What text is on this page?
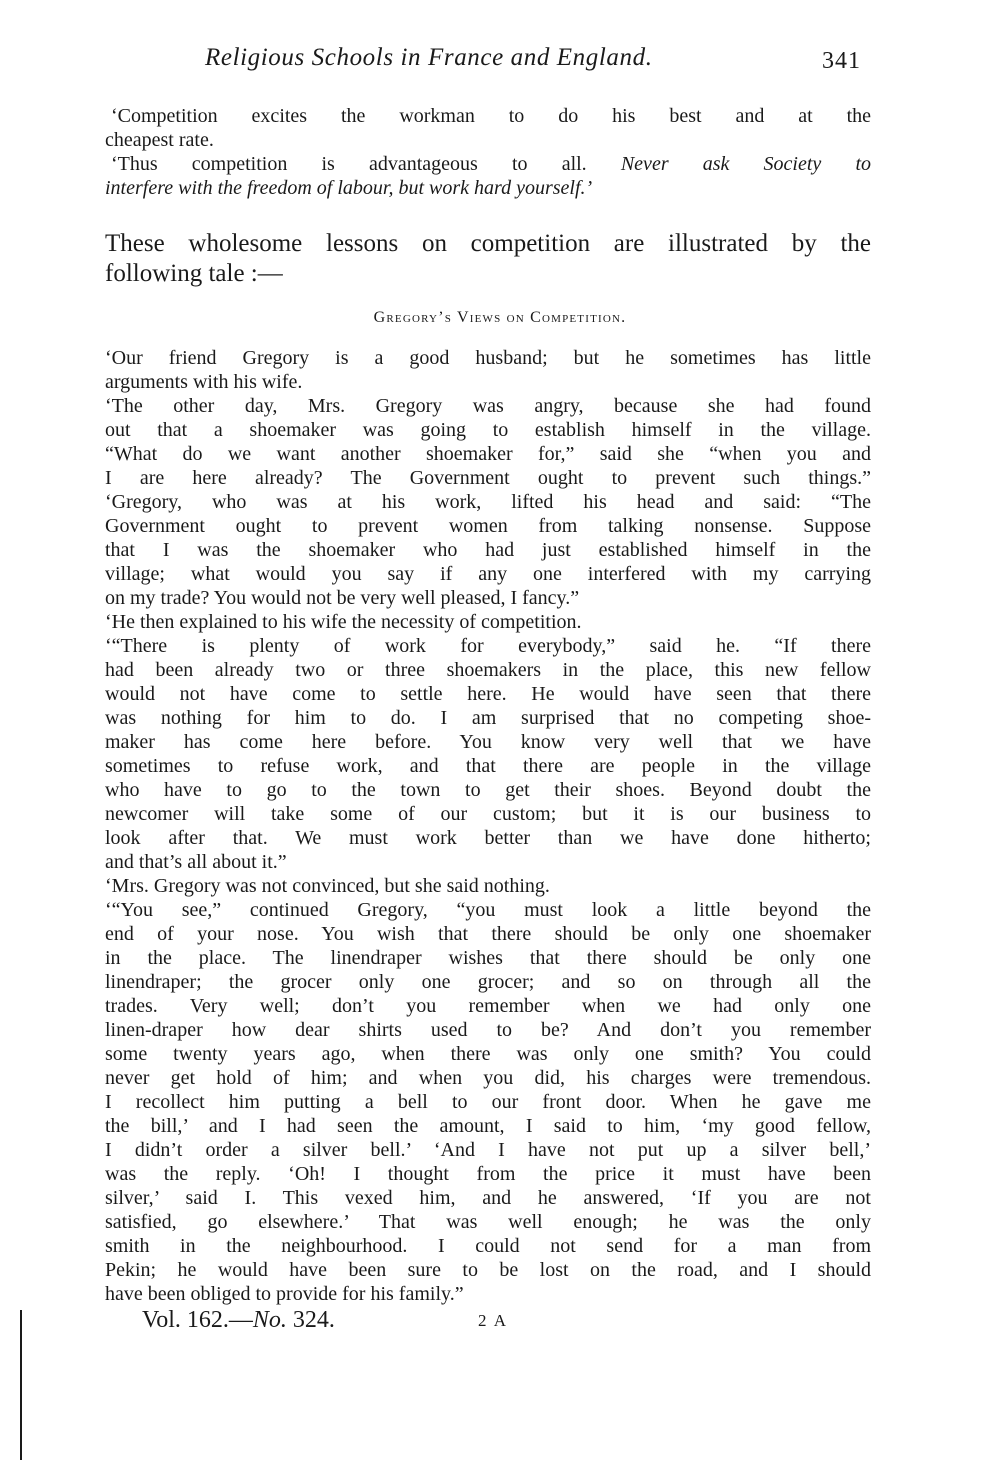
Religious Schools in France and England.	341
‘Competition excites the workman to do his best and at the
cheapest rate.
‘Thus competition is advantageous to all. Never ask Society to
interfere with the freedom of labour, but work hard yourself.’
These wholesome lessons on competition are illustrated by the
following tale :—
Gregory’s Views on Competition.
‘Our friend Gregory is a good husband; but he sometimes has little
arguments with his wife.
‘The other day, Mrs. Gregory was angry, because she had found
out that a shoemaker was going to establish himself in the village.
“What do we want another shoemaker for,” said she “when you and
I are here already? The Government ought to prevent such things.”
‘Gregory, who was at his work, lifted his head and said: “The
Government ought to prevent women from talking nonsense. Suppose
that I was the shoemaker who had just established himself in the
village; what would you say if any one interfered with my carrying
on my trade? You would not be very well pleased, I fancy.”
‘He then explained to his wife the necessity of competition.
‘“There is plenty of work for everybody,” said he. “If there
had been already two or three shoemakers in the place, this new fellow
would not have come to settle here. He would have seen that there
was nothing for him to do. I am surprised that no competing shoe-
maker has come here before. You know very well that we have
sometimes to refuse work, and that there are people in the village
who have to go to the town to get their shoes. Beyond doubt the
newcomer will take some of our custom; but it is our business to
look after that. We must work better than we have done hitherto;
and that’s all about it.”
‘Mrs. Gregory was not convinced, but she said nothing.
‘“You see,” continued Gregory, “you must look a little beyond the
end of your nose. You wish that there should be only one shoemaker
in the place. The linendraper wishes that there should be only one
linendraper; the grocer only one grocer; and so on through all the
trades. Very well; don’t you remember when we had only one
linen-draper how dear shirts used to be? And don’t you remember
some twenty years ago, when there was only one smith? You could
never get hold of him; and when you did, his charges were tremendous.
I recollect him putting a bell to our front door. When he gave me
the bill,’ and I had seen the amount, I said to him, ‘my good fellow,
I didn’t order a silver bell.’ ‘And I have not put up a silver bell,’
was the reply. ‘Oh! I thought from the price it must have been
silver,’ said I. This vexed him, and he answered, ‘If you are not
satisfied, go elsewhere.’ That was well enough; he was the only
smith in the neighbourhood. I could not send for a man from
Pekin; he would have been sure to be lost on the road, and I should
have been obliged to provide for his family.”
Vol. 162.—No. 324.	2 A
